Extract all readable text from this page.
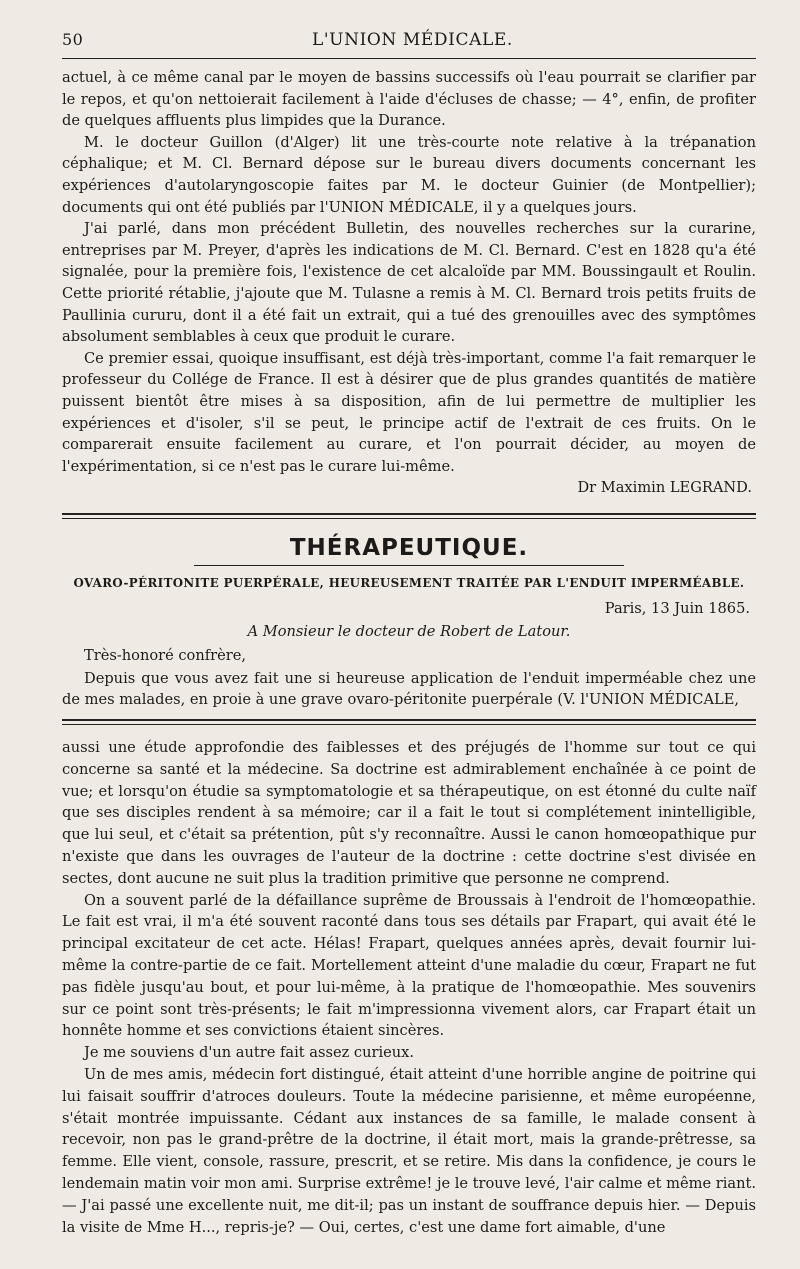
50	L'UNION MÉDICALE.

actuel, à ce même canal par le moyen de bassins successifs où l'eau pourrait se clarifier par le repos, et qu'on nettoierait facilement à l'aide d'écluses de chasse; — 4°, enfin, de profiter de quelques affluents plus limpides que la Durance.

M. le docteur Guillon (d'Alger) lit une très-courte note relative à la trépanation céphalique; et M. Cl. Bernard dépose sur le bureau divers documents concernant les expériences d'autolaryngoscopie faites par M. le docteur Guinier (de Montpellier); documents qui ont été publiés par l'UNION MÉDICALE, il y a quelques jours.

J'ai parlé, dans mon précédent Bulletin, des nouvelles recherches sur la curarine, entreprises par M. Preyer, d'après les indications de M. Cl. Bernard. C'est en 1828 qu'a été signalée, pour la première fois, l'existence de cet alcaloïde par MM. Boussingault et Roulin. Cette priorité rétablie, j'ajoute que M. Tulasne a remis à M. Cl. Bernard trois petits fruits de Paullinia cururu, dont il a été fait un extrait, qui a tué des grenouilles avec des symptômes absolument semblables à ceux que produit le curare.

Ce premier essai, quoique insuffisant, est déjà très-important, comme l'a fait remarquer le professeur du Collége de France. Il est à désirer que de plus grandes quantités de matière puissent bientôt être mises à sa disposition, afin de lui permettre de multiplier les expériences et d'isoler, s'il se peut, le principe actif de l'extrait de ces fruits. On le comparerait ensuite facilement au curare, et l'on pourrait décider, au moyen de l'expérimentation, si ce n'est pas le curare lui-même.

Dr Maximin LEGRAND.

THÉRAPEUTIQUE.
OVARO-PÉRITONITE PUERPÉRALE, HEUREUSEMENT TRAITÉE PAR L'ENDUIT IMPERMÉABLE.
Paris, 13 Juin 1865.
A Monsieur le docteur de Robert de Latour.
Très-honoré confrère,

Depuis que vous avez fait une si heureuse application de l'enduit imperméable chez une de mes malades, en proie à une grave ovaro-péritonite puerpérale (V. l'UNION MÉDICALE,

aussi une étude approfondie des faiblesses et des préjugés de l'homme sur tout ce qui concerne sa santé et la médecine. Sa doctrine est admirablement enchaînée à ce point de vue; et lorsqu'on étudie sa symptomatologie et sa thérapeutique, on est étonné du culte naïf que ses disciples rendent à sa mémoire; car il a fait le tout si complétement inintelligible, que lui seul, et c'était sa prétention, pût s'y reconnaître. Aussi le canon homœopathique pur n'existe que dans les ouvrages de l'auteur de la doctrine : cette doctrine s'est divisée en sectes, dont aucune ne suit plus la tradition primitive que personne ne comprend.

On a souvent parlé de la défaillance suprême de Broussais à l'endroit de l'homœopathie. Le fait est vrai, il m'a été souvent raconté dans tous ses détails par Frapart, qui avait été le principal excitateur de cet acte. Hélas! Frapart, quelques années après, devait fournir lui-même la contre-partie de ce fait. Mortellement atteint d'une maladie du cœur, Frapart ne fut pas fidèle jusqu'au bout, et pour lui-même, à la pratique de l'homœopathie. Mes souvenirs sur ce point sont très-présents; le fait m'impressionna vivement alors, car Frapart était un honnête homme et ses convictions étaient sincères.

Je me souviens d'un autre fait assez curieux.

Un de mes amis, médecin fort distingué, était atteint d'une horrible angine de poitrine qui lui faisait souffrir d'atroces douleurs. Toute la médecine parisienne, et même européenne, s'était montrée impuissante. Cédant aux instances de sa famille, le malade consent à recevoir, non pas le grand-prêtre de la doctrine, il était mort, mais la grande-prêtresse, sa femme. Elle vient, console, rassure, prescrit, et se retire. Mis dans la confidence, je cours le lendemain matin voir mon ami. Surprise extrême! je le trouve levé, l'air calme et même riant. — J'ai passé une excellente nuit, me dit-il; pas un instant de souffrance depuis hier. — Depuis la visite de Mme H..., repris-je? — Oui, certes, c'est une dame fort aimable, d'une
